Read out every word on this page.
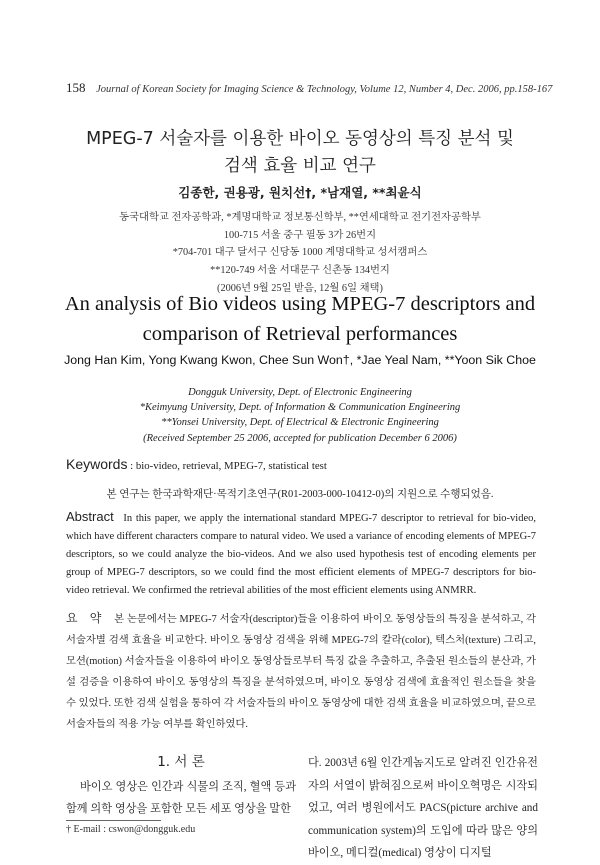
158 Journal of Korean Society for Imaging Science & Technology, Volume 12, Number 4, Dec. 2006, pp.158-167
MPEG-7 서술자를 이용한 바이오 동영상의 특징 분석 및
검색 효율 비교 연구
김종한, 권용광, 원치선†, *남재열, **최윤식
동국대학교 전자공학과, *계명대학교 정보통신학부, **연세대학교 전기전자공학부
100-715 서울 중구 필동 3가 26번지
*704-701 대구 달서구 신당동 1000 계명대학교 성서캠퍼스
**120-749 서울 서대문구 신촌동 134번지
(2006년 9월 25일 받음, 12월 6일 채택)
An analysis of Bio videos using MPEG-7 descriptors and
comparison of Retrieval performances
Jong Han Kim, Yong Kwang Kwon, Chee Sun Won†, *Jae Yeal Nam, **Yoon Sik Choe
Dongguk University, Dept. of Electronic Engineering
*Keimyung University, Dept. of Information & Communication Engineering
**Yonsei University, Dept. of Electrical & Electronic Engineering
(Received September 25 2006, accepted for publication December 6 2006)
Keywords : bio-video, retrieval, MPEG-7, statistical test
본 연구는 한국과학재단·목적기초연구(R01-2003-000-10412-0)의 지원으로 수행되었음.
Abstract In this paper, we apply the international standard MPEG-7 descriptor to retrieval for bio-video, which have different characters compare to natural video. We used a variance of encoding elements of MPEG-7 descriptors, so we could analyze the bio-videos. And we also used hypothesis test of encoding elements per group of MPEG-7 descriptors, so we could find the most efficient elements of MPEG-7 descriptors for bio-video retrieval. We confirmed the retrieval abilities of the most efficient elements using ANMRR.
요 약 본 논문에서는 MPEG-7 서술자(descriptor)들을 이용하여 바이오 동영상들의 특징을 분석하고, 각 서술자별 검색 효율을 비교한다. 바이오 동영상 검색을 위해 MPEG-7의 칼라(color), 텍스처(texture) 그리고, 모션(motion) 서술자들을 이용하여 바이오 동영상들로부터 특징 값을 추출하고, 추출된 원소들의 분산과, 가설 검증을 이용하여 바이오 동영상의 특징을 분석하였으며, 바이오 동영상 검색에 효율적인 원소들을 찾을 수 있었다. 또한 검색 실험을 통하여 각 서술자들의 바이오 동영상에 대한 검색 효율을 비교하였으며, 끝으로 서술자들의 적용 가능 여부를 확인하였다.
1. 서 론
바이오 영상은 인간과 식물의 조직, 혈액 등과 함께 의학 영상을 포함한 모든 세포 영상을 말한
† E-mail : cswon@dongguk.edu
다. 2003년 6월 인간게놈지도로 알려진 인간유전자의 서열이 밝혀짐으로써 바이오혁명은 시작되었고, 여러 병원에서도 PACS(picture archive and communication system)의 도입에 따라 많은 양의 바이오, 메디컬(medical) 영상이 디지털
